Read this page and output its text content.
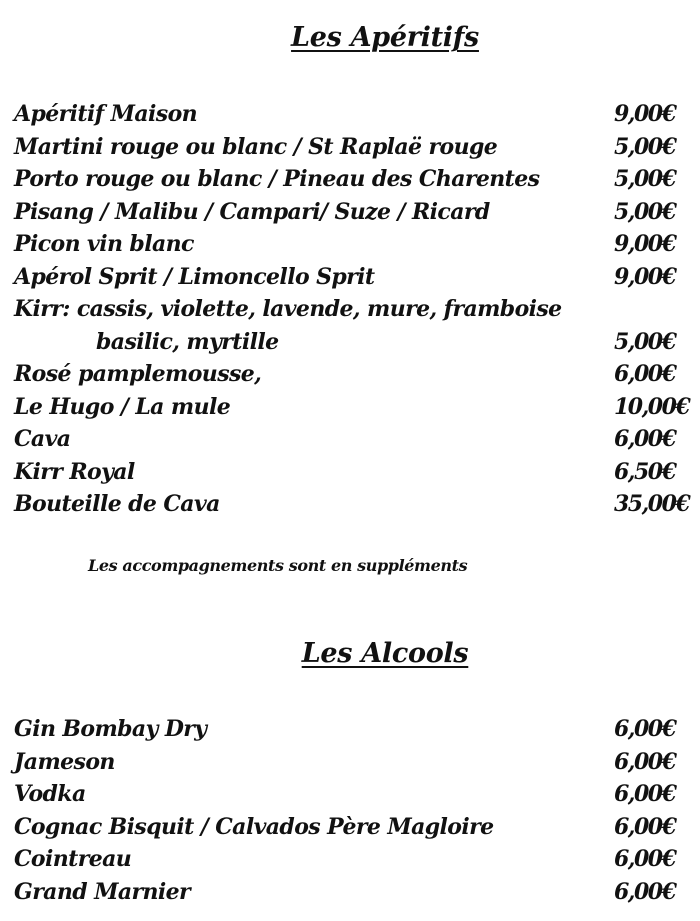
Les Apéritifs
Apéritif Maison	9,00€
Martini rouge ou blanc / St Raplaë rouge	5,00€
Porto rouge ou blanc / Pineau des Charentes	5,00€
Pisang / Malibu / Campari/ Suze / Ricard	5,00€
Picon vin blanc	9,00€
Apérol Sprit / Limoncello Sprit	9,00€
Kirr: cassis, violette, lavende, mure, framboise
basilic, myrtille	5,00€
Rosé pamplemousse,	6,00€
Le Hugo / La mule	10,00€
Cava	6,00€
Kirr Royal	6,50€
Bouteille de Cava	35,00€
Les accompagnements sont en suppléments
Les Alcools
Gin Bombay Dry	6,00€
Jameson	6,00€
Vodka	6,00€
Cognac Bisquit / Calvados Père Magloire	6,00€
Cointreau	6,00€
Grand Marnier	6,00€
